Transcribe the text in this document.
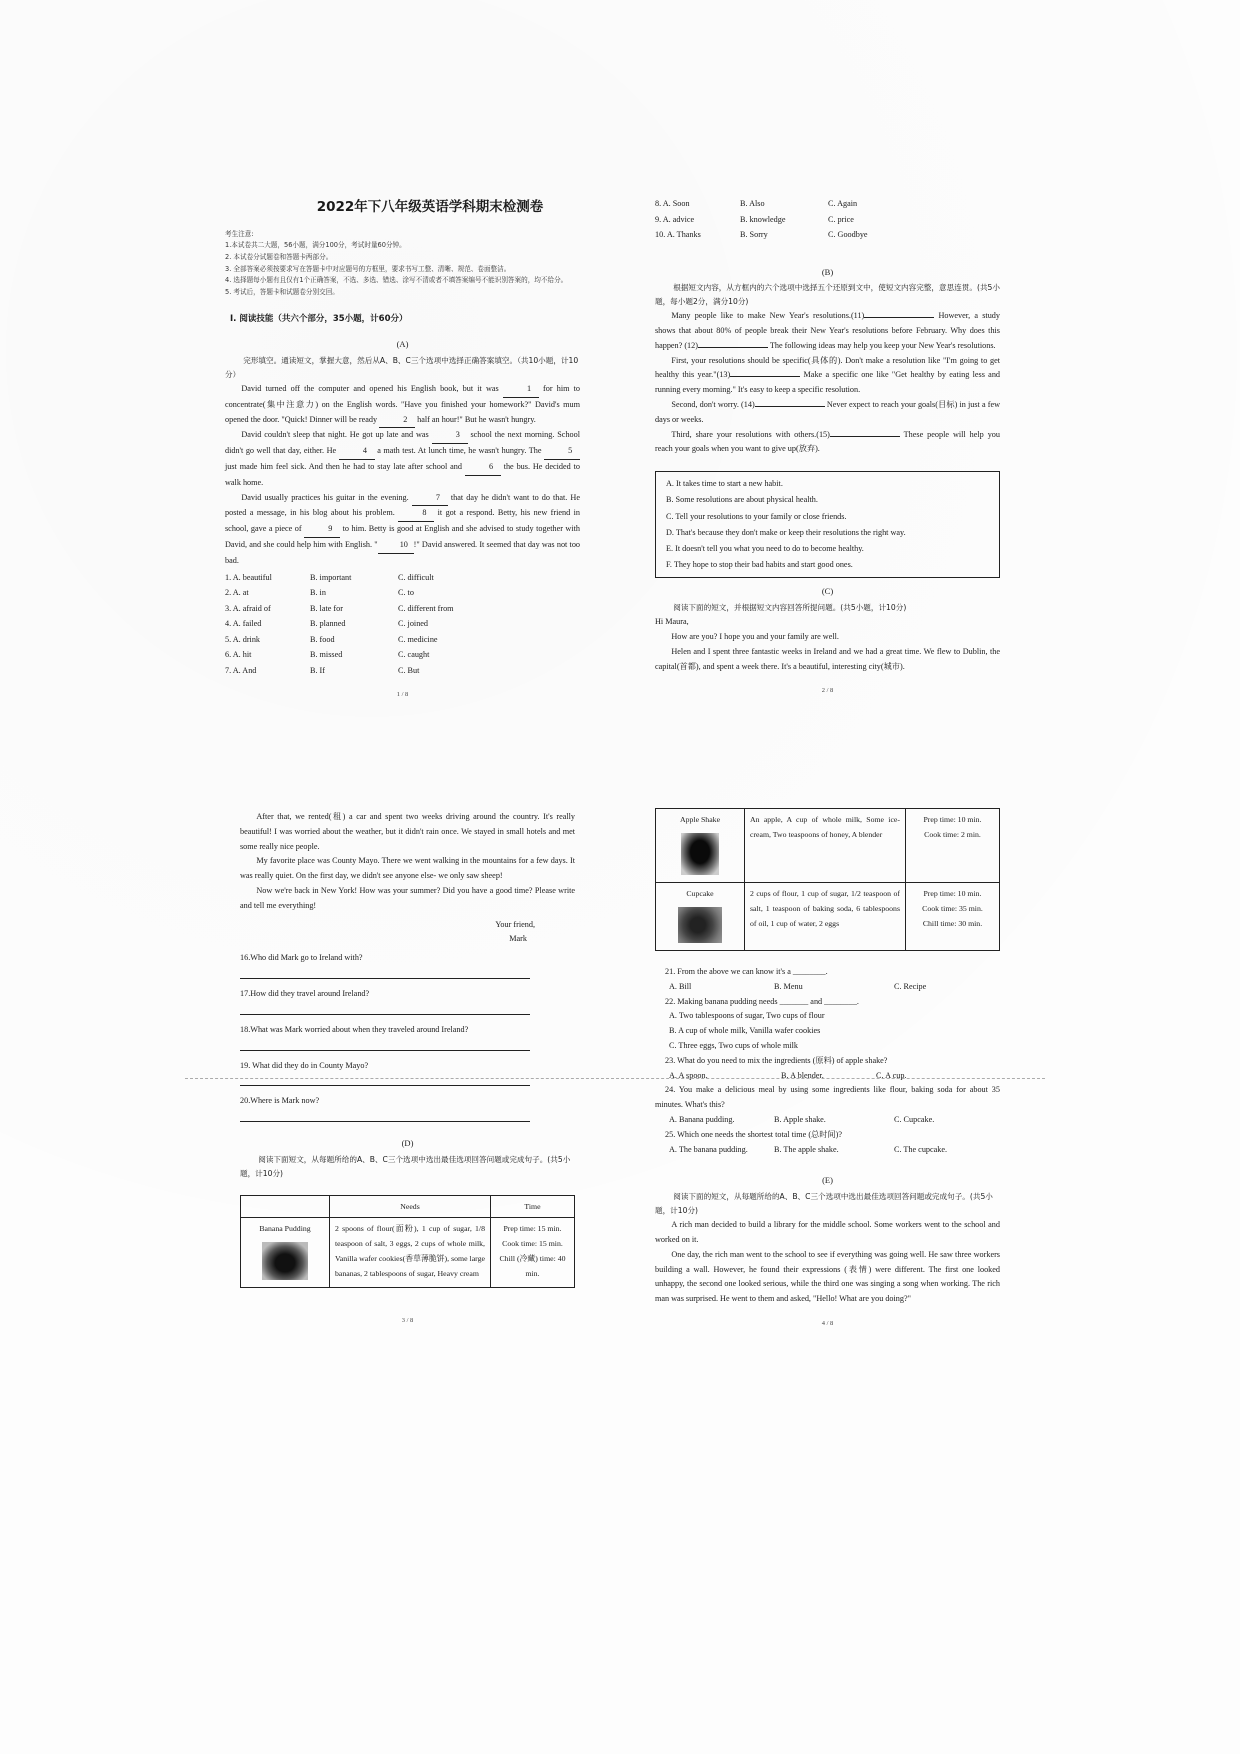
2022年下八年级英语学科期末检测卷
考生注意:
1.本试卷共二大题，56小题，满分100分，考试时量60分钟。
2. 本试卷分试题卷和答题卡两部分。
3. 全部答案必须按要求写在答题卡中对应题号的方框里，要求书写工整、清晰、规范、卷面整洁。
4. 选择题每小题有且仅有1个正确答案，不选、多选、错选、涂写不清或者不填答案编号不能识别答案的，均不给分。
5. 考试后，答题卡和试题卷分别交回。
I. 阅读技能（共六个部分，35小题，计60分）
(A)
完形填空。通读短文，掌握大意，然后从A、B、C三个选项中选择正确答案填空。（共10小题，计10分）
David turned off the computer and opened his English book, but it was	1 for him to concentrate(集中注意力) on the English words. "Have you finished your homework?" David's mum opened the door. "Quick! Dinner will be ready	2 half an hour!" But he wasn't hungry.
David couldn't sleep that night. He got up late and was	3 school the next morning. School didn't go well that day, either. He	4 a math test. At lunch time, he wasn't hungry. The	5 just made him feel sick. And then he had to stay late after school and	6 the bus. He decided to walk home.
David usually practices his guitar in the evening.	7 that day he didn't want to do that. He posted a message, in his blog about his problem.	8 it got a respond. Betty, his new friend in school, gave a piece of	9 to him. Betty is good at English and she advised to study together with David, and she could help him with English. "	10 !" David answered. It seemed that day was not too bad.
1. A. beautiful	B. important	C. difficult
2. A. at	B. in	C. to
3. A. afraid of	B. late for	C. different from
4. A. failed	B. planned	C. joined
5. A. drink	B. food	C. medicine
6. A. hit	B. missed	C. caught
7. A. And	B. If	C. But
1 / 8
8. A. Soon	B. Also	C. Again
9. A. advice	B. knowledge	C. price
10. A. Thanks	B. Sorry	C. Goodbye
(B)
根据短文内容，从方框内的六个选项中选择五个还原到文中，使短文内容完整，意思连贯。(共5小题，每小题2分，满分10分)
Many people like to make New Year's resolutions.(11)	However, a study shows that about 80% of people break their New Year's resolutions before February. Why does this happen? (12)	The following ideas may help you keep your New Year's resolutions.
First, your resolutions should be specific(具体的). Don't make a resolution like "I'm going to get healthy this year."(13)	Make a specific one like "Get healthy by eating less and running every morning." It's easy to keep a specific resolution.
Second, don't worry. (14)	Never expect to reach your goals(目标) in just a few days or weeks.
Third, share your resolutions with others.(15)	These people will help you reach your goals when you want to give up(放弃).
A. It takes time to start a new habit.
B. Some resolutions are about physical health.
C. Tell your resolutions to your family or close friends.
D. That's because they don't make or keep their resolutions the right way.
E. It doesn't tell you what you need to do to become healthy.
F. They hope to stop their bad habits and start good ones.
(C)
阅读下面的短文，并根据短文内容回答所提问题。(共5小题，计10分)
Hi Maura,
How are you? I hope you and your family are well.
Helen and I spent three fantastic weeks in Ireland and we had a great time. We flew to Dublin, the capital(首都), and spent a week there. It's a beautiful, interesting city(城市).
2 / 8
After that, we rented(租) a car and spent two weeks driving around the country. It's really beautiful! I was worried about the weather, but it didn't rain once. We stayed in small hotels and met some really nice people.
My favorite place was County Mayo. There we went walking in the mountains for a few days. It was really quiet. On the first day, we didn't see anyone else- we only saw sheep!
Now we're back in New York! How was your summer? Did you have a good time? Please write and tell me everything!
Your friend,
Mark
16.Who did Mark go to Ireland with?
17.How did they travel around Ireland?
18.What was Mark worried about when they traveled around Ireland?
19. What did they do in County Mayo?
20.Where is Mark now?
(D)
阅读下面短文，从每题所给的A、B、C三个选项中选出最佳选项回答问题或完成句子。(共5小题，计10分)
	Needs	Time

Banana Pudding	2 spoons of flour(面粉), 1 cup of sugar, 1/8 teaspoon of salt, 3 eggs, 2 cups of whole milk, Vanilla wafer cookies(香草薄脆饼), some large bananas, 2 tablespoons of sugar, Heavy cream	Prep time: 15 min.
Cook time: 15 min.
Chill (冷藏) time: 40 min.
3 / 8
Apple Shake	An apple, A cup of whole milk, Some ice-cream, Two teaspoons of honey, A blender	Prep time: 10 min.
Cook time: 2 min.

Cupcake	2 cups of flour, 1 cup of sugar, 1/2 teaspoon of salt, 1 teaspoon of baking soda, 6 tablespoons of oil, 1 cup of water, 2 eggs	Prep time: 10 min.
Cook time: 35 min.
Chill time: 30 min.
21. From the above we can know it's a ________.
A. Bill	B. Menu	C. Recipe
22. Making banana pudding needs _______ and ________.
A. Two tablespoons of sugar, Two cups of flour
B. A cup of whole milk, Vanilla wafer cookies
C. Three eggs, Two cups of whole milk
23. What do you need to mix the ingredients (原料) of apple shake?
A. A spoon.	B. A blender.	C. A cup.
24. You make a delicious meal by using some ingredients like flour, baking soda for about 35 minutes. What's this?
A. Banana pudding.	B. Apple shake.	C. Cupcake.
25. Which one needs the shortest total time (总时间)?
A. The banana pudding.	B. The apple shake.	C. The cupcake.
(E)
阅读下面的短文，从每题所给的A、B、C三个选项中选出最佳选项回答问题或完成句子。(共5小题，计10分)
A rich man decided to build a library for the middle school. Some workers went to the school and worked on it.
One day, the rich man went to the school to see if everything was going well. He saw three workers building a wall. However, he found their expressions (表情) were different. The first one looked unhappy, the second one looked serious, while the third one was singing a song when working. The rich man was surprised. He went to them and asked, "Hello! What are you doing?"
4 / 8
